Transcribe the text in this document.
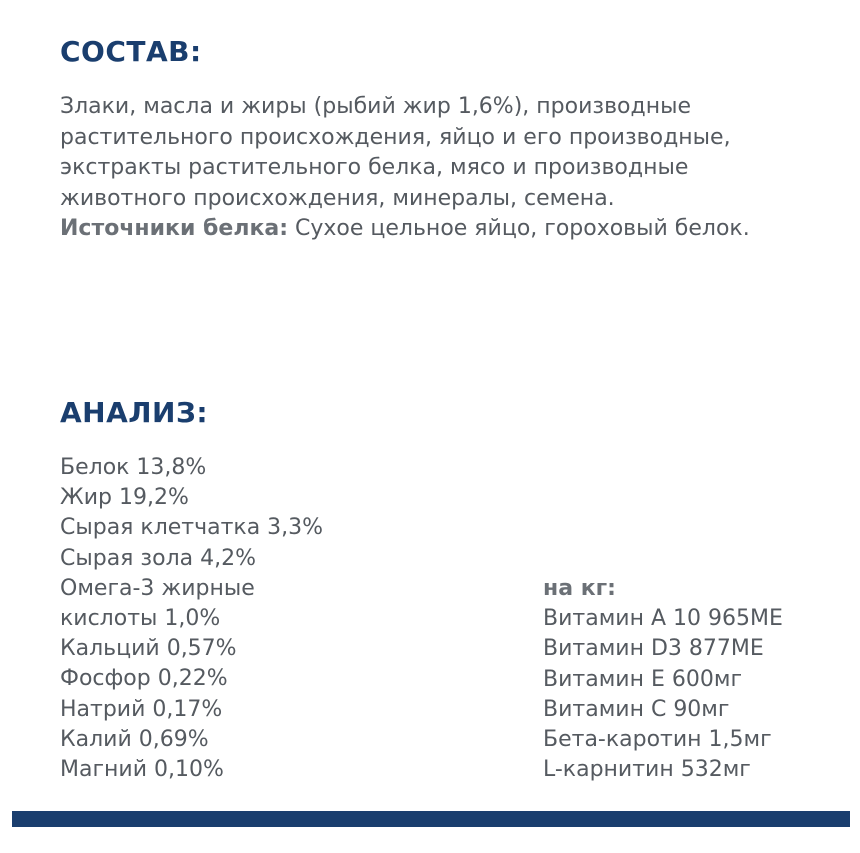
СОСТАВ:

Злаки, масла и жиры (рыбий жир 1,6%), производные
растительного происхождения, яйцо и его производные,
экстракты растительного белка, мясо и производные
животного происхождения, минералы, семена.
Источники белка: Сухое цельное яйцо, гороховый белок.

АНАЛИЗ:
Белок 13,8%
Жир 19,2%
Сырая клетчатка 3,3%
Сырая зола 4,2%
Омега-3 жирные
кислоты 1,0%
Кальций 0,57%
Фосфор 0,22%
Натрий 0,17%
Калий 0,69%
Магний 0,10%
на кг:
Витамин А 10 965МЕ
Витамин D3 877МЕ
Витамин Е 600мг
Витамин С 90мг
Бета-каротин 1,5мг
L-карнитин 532мг
